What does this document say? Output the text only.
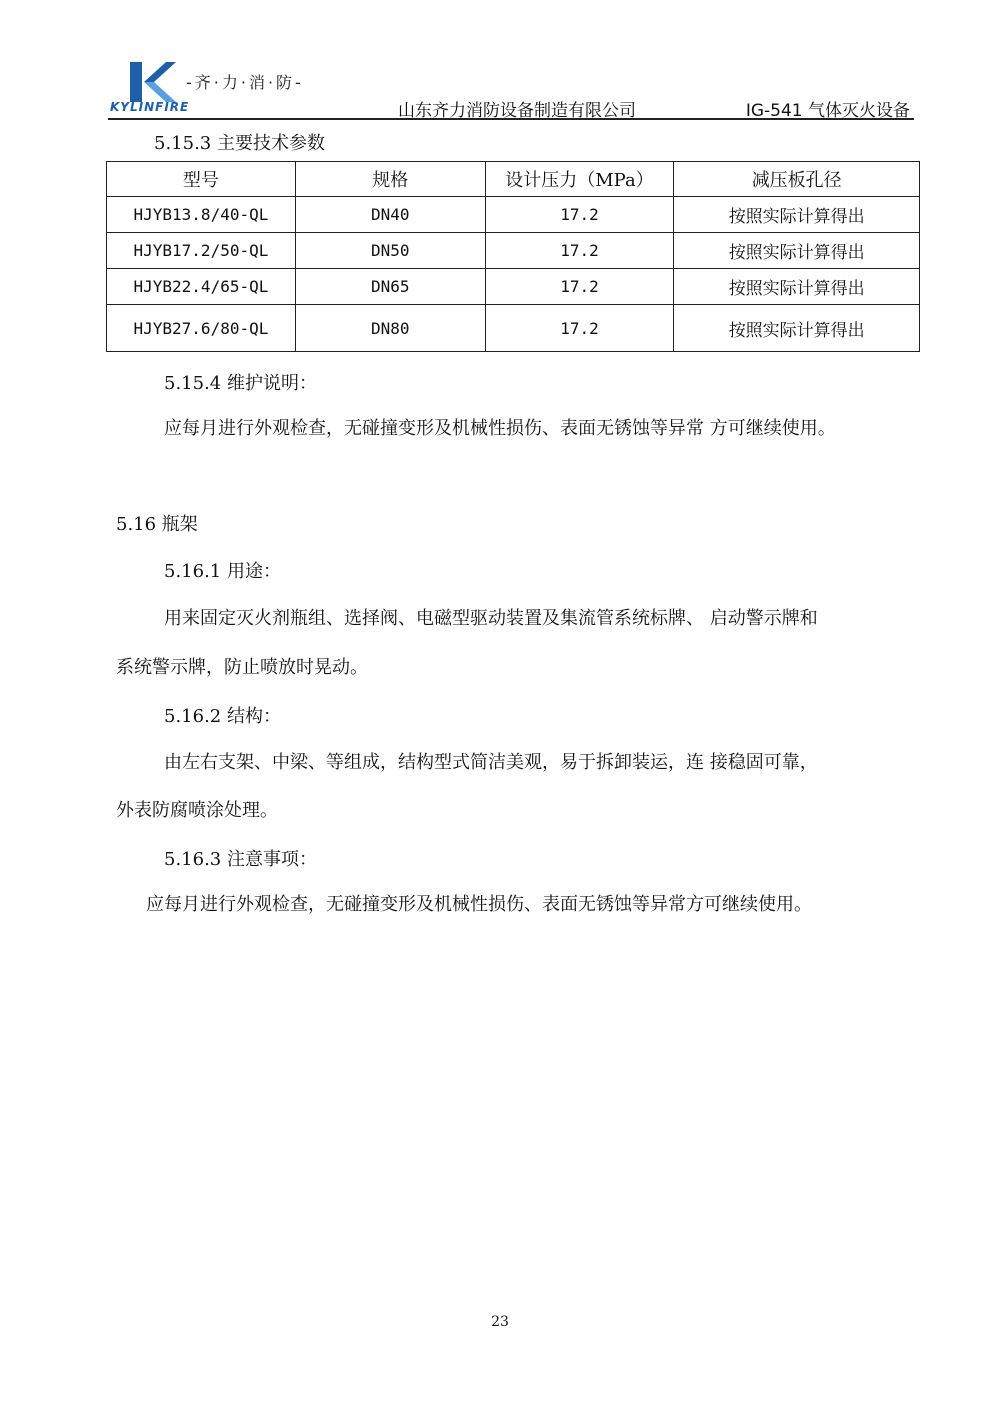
-齐·力·消·防-
KYLINFIRE	山东齐力消防设备制造有限公司	IG-541 气体灭火设备
5.15.3 主要技术参数
型号	规格	设计压力（MPa）	减压板孔径
HJYB13.8/40-QL	DN40	17.2	按照实际计算得出
HJYB17.2/50-QL	DN50	17.2	按照实际计算得出
HJYB22.4/65-QL	DN65	17.2	按照实际计算得出
HJYB27.6/80-QL	DN80	17.2	按照实际计算得出
5.15.4 维护说明：
应每月进行外观检查，无碰撞变形及机械性损伤、表面无锈蚀等异常 方可继续使用。
5.16 瓶架
5.16.1 用途：
用来固定灭火剂瓶组、选择阀、电磁型驱动装置及集流管系统标牌、 启动警示牌和
系统警示牌，防止喷放时晃动。
5.16.2 结构：
由左右支架、中梁、等组成，结构型式简洁美观，易于拆卸装运，连 接稳固可靠，
外表防腐喷涂处理。
5.16.3 注意事项：
应每月进行外观检查，无碰撞变形及机械性损伤、表面无锈蚀等异常方可继续使用。
23
